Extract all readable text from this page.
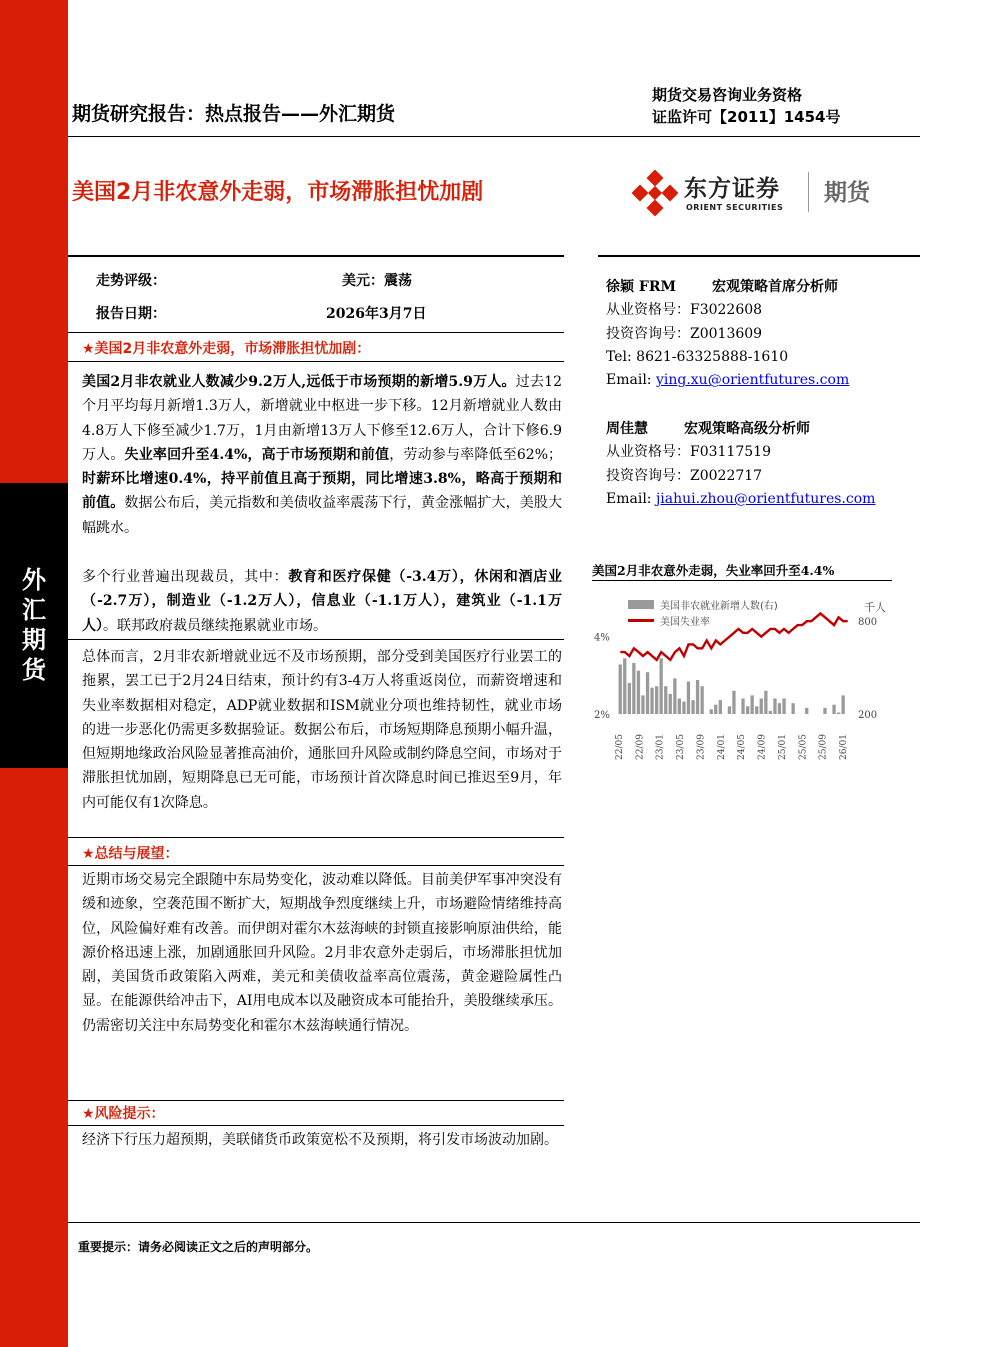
外
汇
期
货
期货研究报告：热点报告——外汇期货
期货交易咨询业务资格
证监许可【2011】1454号
美国2月非农意外走弱，市场滞胀担忧加剧	东方证券
ORIENT SECURITIES
期货
走势评级：	美元：震荡
报告日期：	2026年3月7日
★美国2月非农意外走弱，市场滞胀担忧加剧：
美国2月非农就业人数减少9.2万人,远低于市场预期的新增5.9万人。过去12个月平均每月新增1.3万人，新增就业中枢进一步下移。12月新增就业人数由4.8万人下修至减少1.7万，1月由新增13万人下修至12.6万人，合计下修6.9万人。失业率回升至4.4%，高于市场预期和前值，劳动参与率降低至62%；时薪环比增速0.4%，持平前值且高于预期，同比增速3.8%，略高于预期和前值。数据公布后，美元指数和美债收益率震荡下行，黄金涨幅扩大，美股大幅跳水。
多个行业普遍出现裁员，其中：教育和医疗保健（-3.4万），休闲和酒店业（-2.7万），制造业（-1.2万人），信息业（-1.1万人），建筑业（-1.1万人）。联邦政府裁员继续拖累就业市场。
总体而言，2月非农新增就业远不及市场预期，部分受到美国医疗行业罢工的拖累，罢工已于2月24日结束，预计约有3-4万人将重返岗位，而薪资增速和失业率数据相对稳定，ADP就业数据和ISM就业分项也维持韧性，就业市场的进一步恶化仍需更多数据验证。数据公布后，市场短期降息预期小幅升温，但短期地缘政治风险显著推高油价，通胀回升风险或制约降息空间，市场对于滞胀担忧加剧，短期降息已无可能，市场预计首次降息时间已推迟至9月，年内可能仅有1次降息。
★总结与展望：
近期市场交易完全跟随中东局势变化，波动难以降低。目前美伊军事冲突没有缓和迹象，空袭范围不断扩大，短期战争烈度继续上升，市场避险情绪维持高位，风险偏好难有改善。而伊朗对霍尔木兹海峡的封锁直接影响原油供给，能源价格迅速上涨，加剧通胀回升风险。2月非农意外走弱后，市场滞胀担忧加剧，美国货币政策陷入两难，美元和美债收益率高位震荡，黄金避险属性凸显。在能源供给冲击下，AI用电成本以及融资成本可能抬升，美股继续承压。仍需密切关注中东局势变化和霍尔木兹海峡通行情况。
★风险提示：
经济下行压力超预期，美联储货币政策宽松不及预期，将引发市场波动加剧。
徐颖 FRM	宏观策略首席分析师
从业资格号：F3022608
投资咨询号：Z0013609
Tel: 8621-63325888-1610
Email: ying.xu@orientfutures.com
周佳慧	宏观策略高级分析师
从业资格号：F03117519
投资咨询号：Z0022717
Email: jiahui.zhou@orientfutures.com
美国2月非农意外走弱，失业率回升至4.4%
美国非农就业新增人数(右)
美国失业率
千人
4%
2%
800
200
22/05 22/09 23/01 23/05 23/09 24/01 24/05 24/09 25/01 25/05 25/09 26/01
重要提示：请务必阅读正文之后的声明部分。
